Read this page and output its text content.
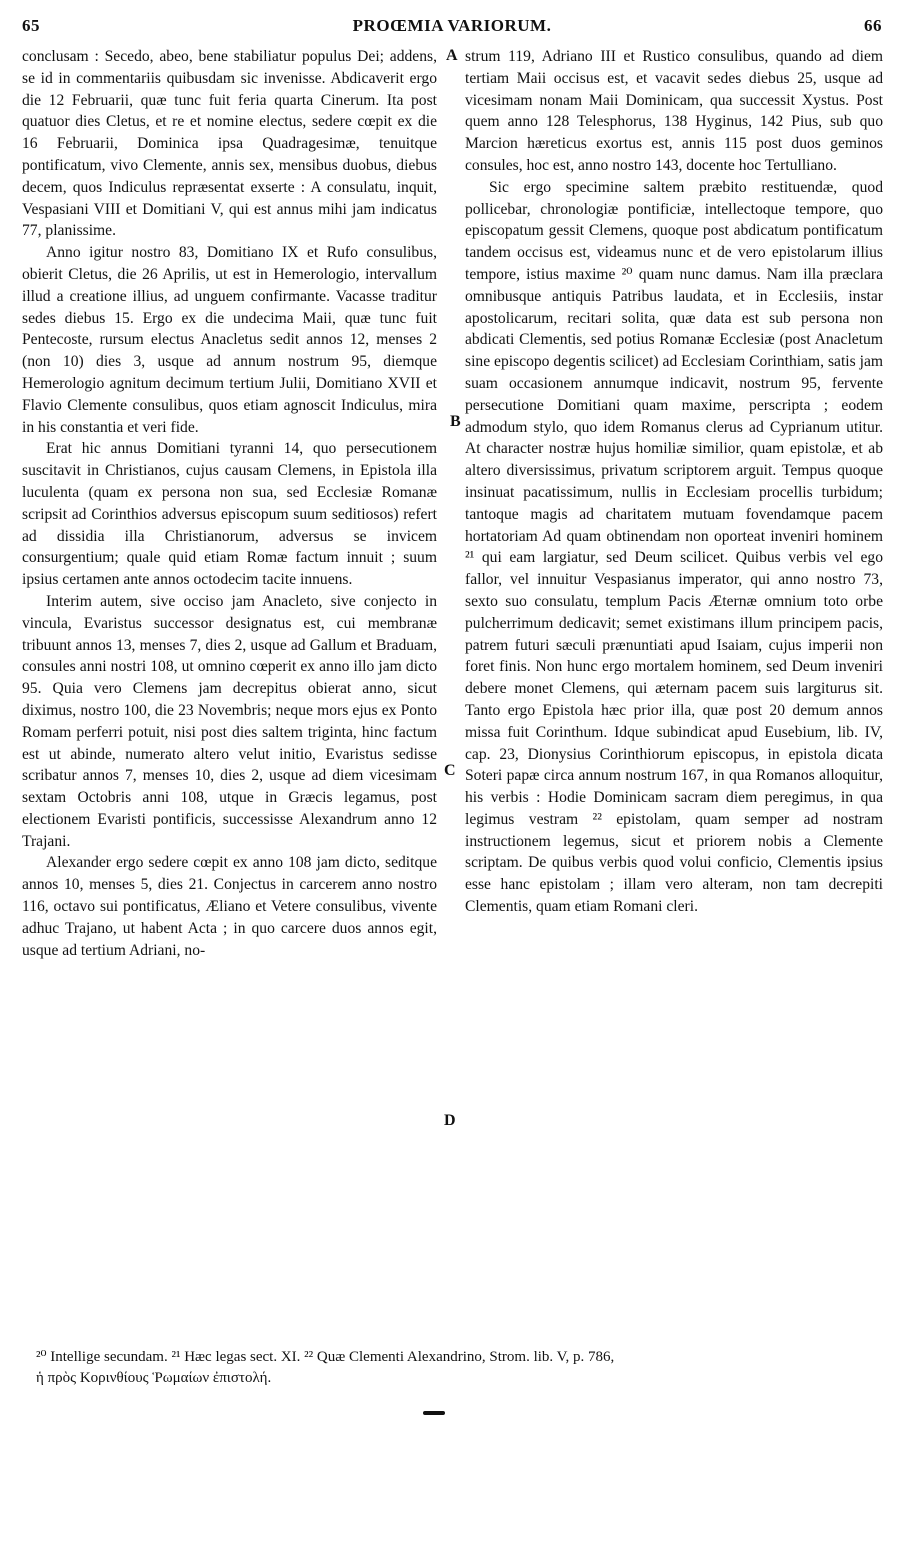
65	PROŒMIA VARIORUM.	66

conclusam : Secedo, abeo, bene stabiliatur populus Dei; addens, se id in commentariis quibusdam sic invenisse. Abdicaverit ergo die 12 Februarii, quæ tunc fuit feria quarta Cinerum. Ita post quatuor dies Cletus, et re et nomine electus, sedere cœpit ex die 16 Februarii, Dominica ipsa Quadragesimæ, tenuitque pontificatum, vivo Clemente, annis sex, mensibus duobus, diebus decem, quos Indiculus repræsentat exserte : A consulatu, inquit, Vespasiani VIII et Domitiani V, qui est annus mihi jam indicatus 77, planissime.

Anno igitur nostro 83, Domitiano IX et Rufo consulibus, obierit Cletus, die 26 Aprilis, ut est in Hemerologio, intervallum illud a creatione illius, ad unguem confirmante. Vacasse traditur sedes diebus 15. Ergo ex die undecima Maii, quæ tunc fuit Pentecoste, rursum electus Anacletus sedit annos 12, menses 2 (non 10) dies 3, usque ad annum nostrum 95, diemque Hemerologio agnitum decimum tertium Julii, Domitiano XVII et Flavio Clemente consulibus, quos etiam agnoscit Indiculus, mira in his constantia et veri fide.

Erat hic annus Domitiani tyranni 14, quo persecutionem suscitavit in Christianos, cujus causam Clemens, in Epistola illa luculenta (quam ex persona non sua, sed Ecclesiæ Romanæ scripsit ad Corinthios adversus episcopum suum seditiosos) refert ad dissidia illa Christianorum, adversus se invicem consurgentium; quale quid etiam Romæ factum innuit ; suum ipsius certamen ante annos octodecim tacite innuens.

Interim autem, sive occiso jam Anacleto, sive conjecto in vincula, Evaristus successor designatus est, cui membranæ tribuunt annos 13, menses 7, dies 2, usque ad Gallum et Braduam, consules anni nostri 108, ut omnino cœperit ex anno illo jam dicto 95. Quia vero Clemens jam decrepitus obierat anno, sicut diximus, nostro 100, die 23 Novembris; neque mors ejus ex Ponto Romam perferri potuit, nisi post dies saltem triginta, hinc factum est ut abinde, numerato altero velut initio, Evaristus sedisse scribatur annos 7, menses 10, dies 2, usque ad diem vicesimam sextam Octobris anni 108, utque in Græcis legamus, post electionem Evaristi pontificis, successisse Alexandrum anno 12 Trajani.

Alexander ergo sedere cœpit ex anno 108 jam dicto, seditque annos 10, menses 5, dies 21. Conjectus in carcerem anno nostro 116, octavo sui pontificatus, Æliano et Vetere consulibus, vivente adhuc Trajano, ut habent Acta ; in quo carcere duos annos egit, usque ad tertium Adriani, no-

A
B
C
D

strum 119, Adriano III et Rustico consulibus, quando ad diem tertiam Maii occisus est, et vacavit sedes diebus 25, usque ad vicesimam nonam Maii Dominicam, qua successit Xystus. Post quem anno 128 Telesphorus, 138 Hyginus, 142 Pius, sub quo Marcion hæreticus exortus est, annis 115 post duos geminos consules, hoc est, anno nostro 143, docente hoc Tertulliano.

Sic ergo specimine saltem præbito restituendæ, quod pollicebar, chronologiæ pontificiæ, intellectoque tempore, quo episcopatum gessit Clemens, quoque post abdicatum pontificatum tandem occisus est, videamus nunc et de vero epistolarum illius tempore, istius maxime ²⁰ quam nunc damus. Nam illa præclara omnibusque antiquis Patribus laudata, et in Ecclesiis, instar apostolicarum, recitari solita, quæ data est sub persona non abdicati Clementis, sed potius Romanæ Ecclesiæ (post Anacletum sine episcopo degentis scilicet) ad Ecclesiam Corinthiam, satis jam suam occasionem annumque indicavit, nostrum 95, fervente persecutione Domitiani quam maxime, perscripta ; eodem admodum stylo, quo idem Romanus clerus ad Cyprianum utitur. At character nostræ hujus homiliæ similior, quam epistolæ, et ab altero diversissimus, privatum scriptorem arguit. Tempus quoque insinuat pacatissimum, nullis in Ecclesiam procellis turbidum; tantoque magis ad charitatem mutuam fovendamque pacem hortatoriam Ad quam obtinendam non oporteat inveniri hominem ²¹ qui eam largiatur, sed Deum scilicet. Quibus verbis vel ego fallor, vel innuitur Vespasianus imperator, qui anno nostro 73, sexto suo consulatu, templum Pacis Æternæ omnium toto orbe pulcherrimum dedicavit; semet existimans illum principem pacis, patrem futuri sæculi prænuntiati apud Isaiam, cujus imperii non foret finis. Non hunc ergo mortalem hominem, sed Deum inveniri debere monet Clemens, qui æternam pacem suis largiturus sit. Tanto ergo Epistola hæc prior illa, quæ post 20 demum annos missa fuit Corinthum. Idque subindicat apud Eusebium, lib. IV, cap. 23, Dionysius Corinthiorum episcopus, in epistola dicata Soteri papæ circa annum nostrum 167, in qua Romanos alloquitur, his verbis : Hodie Dominicam sacram diem peregimus, in qua legimus vestram ²² epistolam, quam semper ad nostram instructionem legemus, sicut et priorem nobis a Clemente scriptam. De quibus verbis quod volui conficio, Clementis ipsius esse hanc epistolam ; illam vero alteram, non tam decrepiti Clementis, quam etiam Romani cleri.

²⁰ Intellige secundam. ²¹ Hæc legas sect. XI. ²² Quæ Clementi Alexandrino, Strom. lib. V, p. 786,
ἡ πρὸς Κορινθίους Ῥωμαίων ἐπιστολή.
